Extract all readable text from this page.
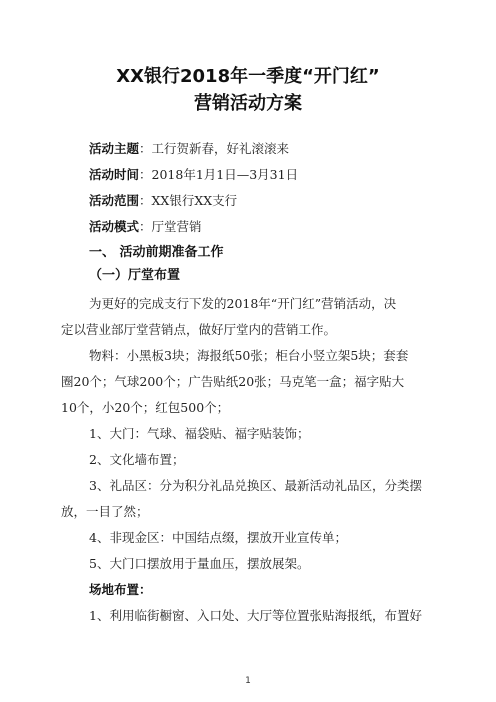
XX银行2018年一季度“开门红”
营销活动方案
活动主题：工行贺新春，好礼滚滚来
活动时间：2018年1月1日—3月31日
活动范围：XX银行XX支行
活动模式：厅堂营销
一、 活动前期准备工作
（一）厅堂布置
为更好的完成支行下发的2018年“开门红”营销活动，决
定以营业部厅堂营销点，做好厅堂内的营销工作。
物料：小黑板3块；海报纸50张；柜台小竖立架5块；套套
圈20个；气球200个；广告贴纸20张；马克笔一盒；福字贴大
10个，小20个；红包500个；
1、大门：气球、福袋贴、福字贴装饰；
2、文化墙布置；
3、礼品区：分为积分礼品兑换区、最新活动礼品区，分类摆
放，一目了然；
4、非现金区：中国结点缀，摆放开业宣传单；
5、大门口摆放用于量血压，摆放展架。
场地布置：
1、利用临街橱窗、入口处、大厅等位置张贴海报纸，布置好
1
